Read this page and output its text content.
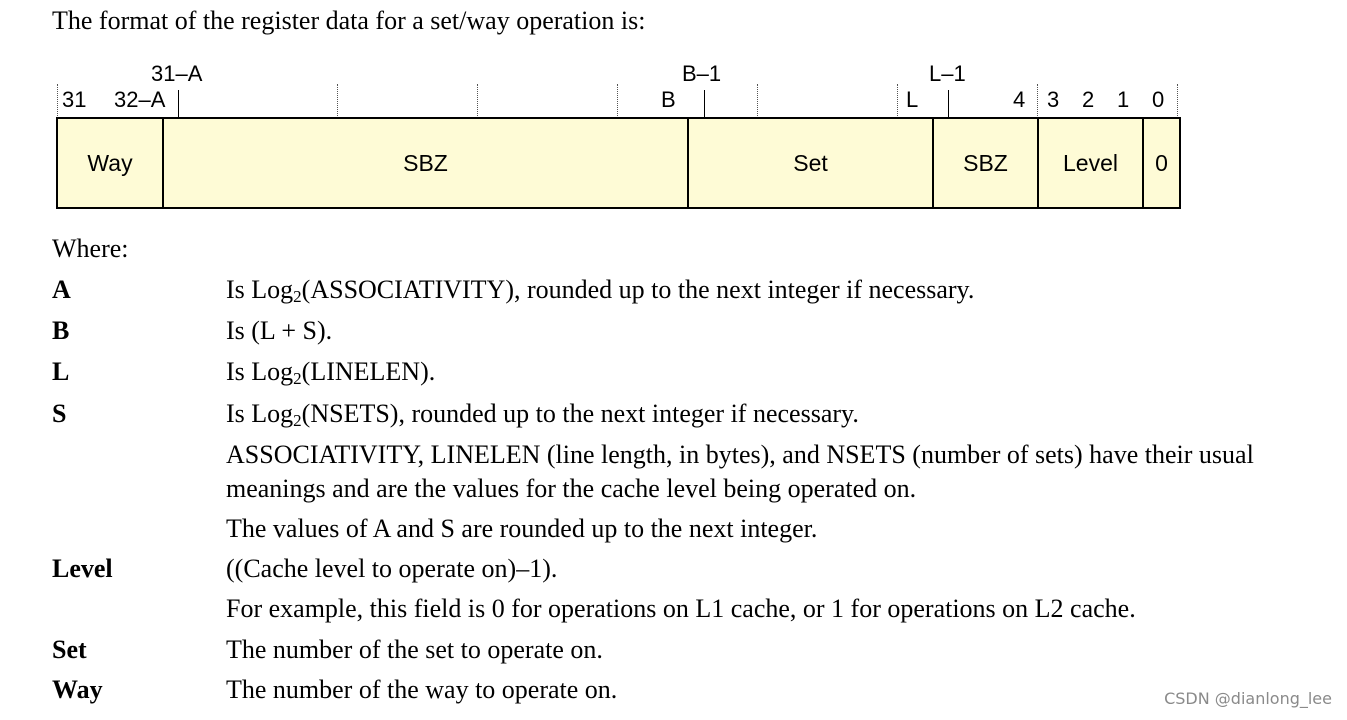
The format of the register data for a set/way operation is:
31–A	B–1	L–1
31 32–A	B	L	4 3 2 1 0
Way	SBZ	Set	SBZ	Level	0
Where:
A	Is Log$_2$(ASSOCIATIVITY), rounded up to the next integer if necessary.
B	Is (L + S).
L	Is Log$_2$(LINELEN).
S	Is Log$_2$(NSETS), rounded up to the next integer if necessary.
ASSOCIATIVITY, LINELEN (line length, in bytes), and NSETS (number of sets) have their usual
meanings and are the values for the cache level being operated on.
The values of A and S are rounded up to the next integer.
Level	((Cache level to operate on)–1).
For example, this field is 0 for operations on L1 cache, or 1 for operations on L2 cache.
Set	The number of the set to operate on.
Way	The number of the way to operate on.	CSDN @dianlong_lee
